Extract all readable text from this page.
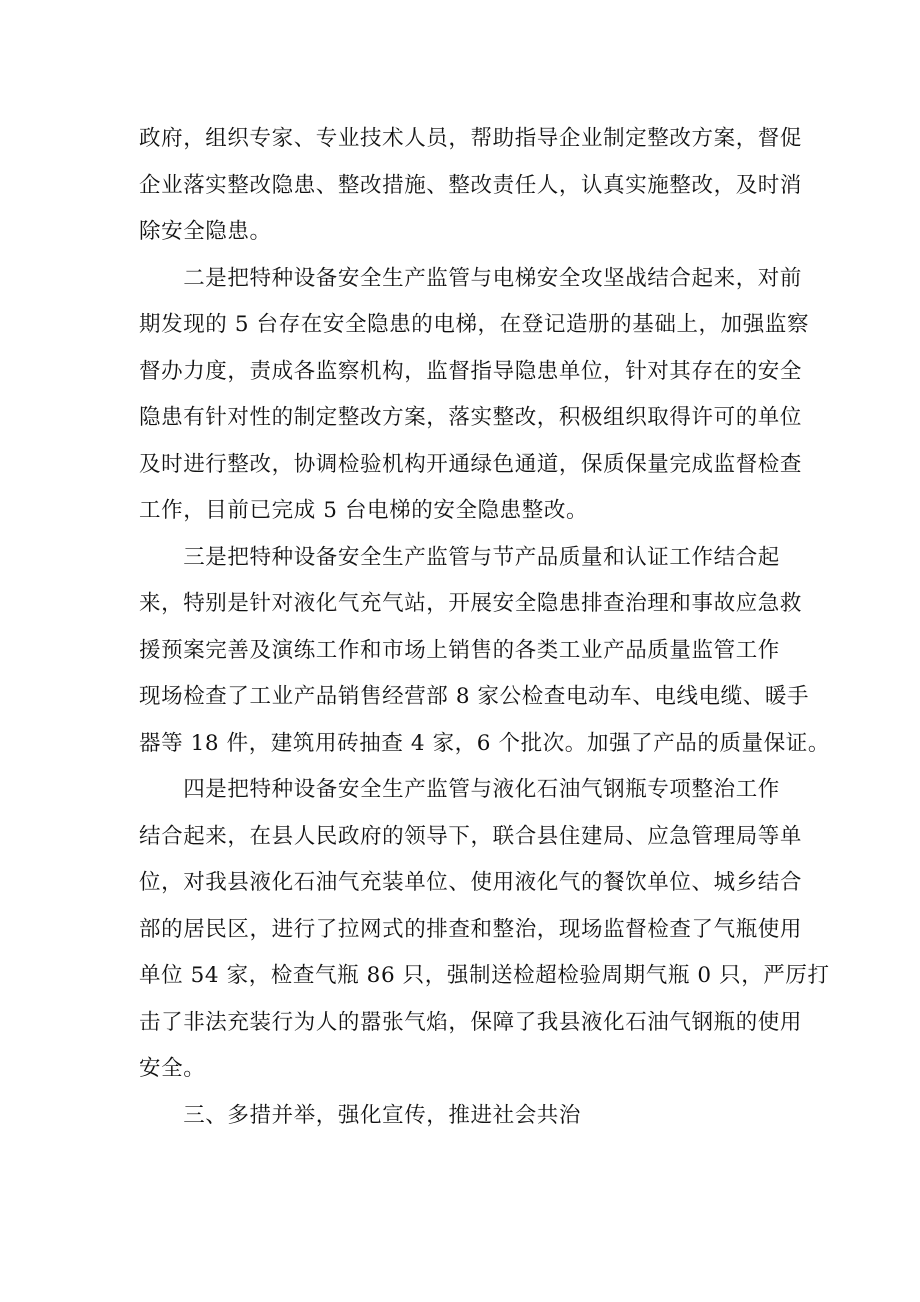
政府，组织专家、专业技术人员，帮助指导企业制定整改方案，督促
企业落实整改隐患、整改措施、整改责任人，认真实施整改，及时消
除安全隐患。
　　二是把特种设备安全生产监管与电梯安全攻坚战结合起来，对前
期发现的 5 台存在安全隐患的电梯，在登记造册的基础上，加强监察
督办力度，责成各监察机构，监督指导隐患单位，针对其存在的安全
隐患有针对性的制定整改方案，落实整改，积极组织取得许可的单位
及时进行整改，协调检验机构开通绿色通道，保质保量完成监督检查
工作，目前已完成 5 台电梯的安全隐患整改。
　　三是把特种设备安全生产监管与节产品质量和认证工作结合起
来，特别是针对液化气充气站，开展安全隐患排查治理和事故应急救
援预案完善及演练工作和市场上销售的各类工业产品质量监管工作
现场检查了工业产品销售经营部 8 家公检查电动车、电线电缆、暖手
器等 18 件，建筑用砖抽查 4 家，6 个批次。加强了产品的质量保证。
　　四是把特种设备安全生产监管与液化石油气钢瓶专项整治工作
结合起来，在县人民政府的领导下，联合县住建局、应急管理局等单
位，对我县液化石油气充装单位、使用液化气的餐饮单位、城乡结合
部的居民区，进行了拉网式的排查和整治，现场监督检查了气瓶使用
单位 54 家，检查气瓶 86 只，强制送检超检验周期气瓶 0 只，严厉打
击了非法充装行为人的嚣张气焰，保障了我县液化石油气钢瓶的使用
安全。
　　三、多措并举，强化宣传，推进社会共治
